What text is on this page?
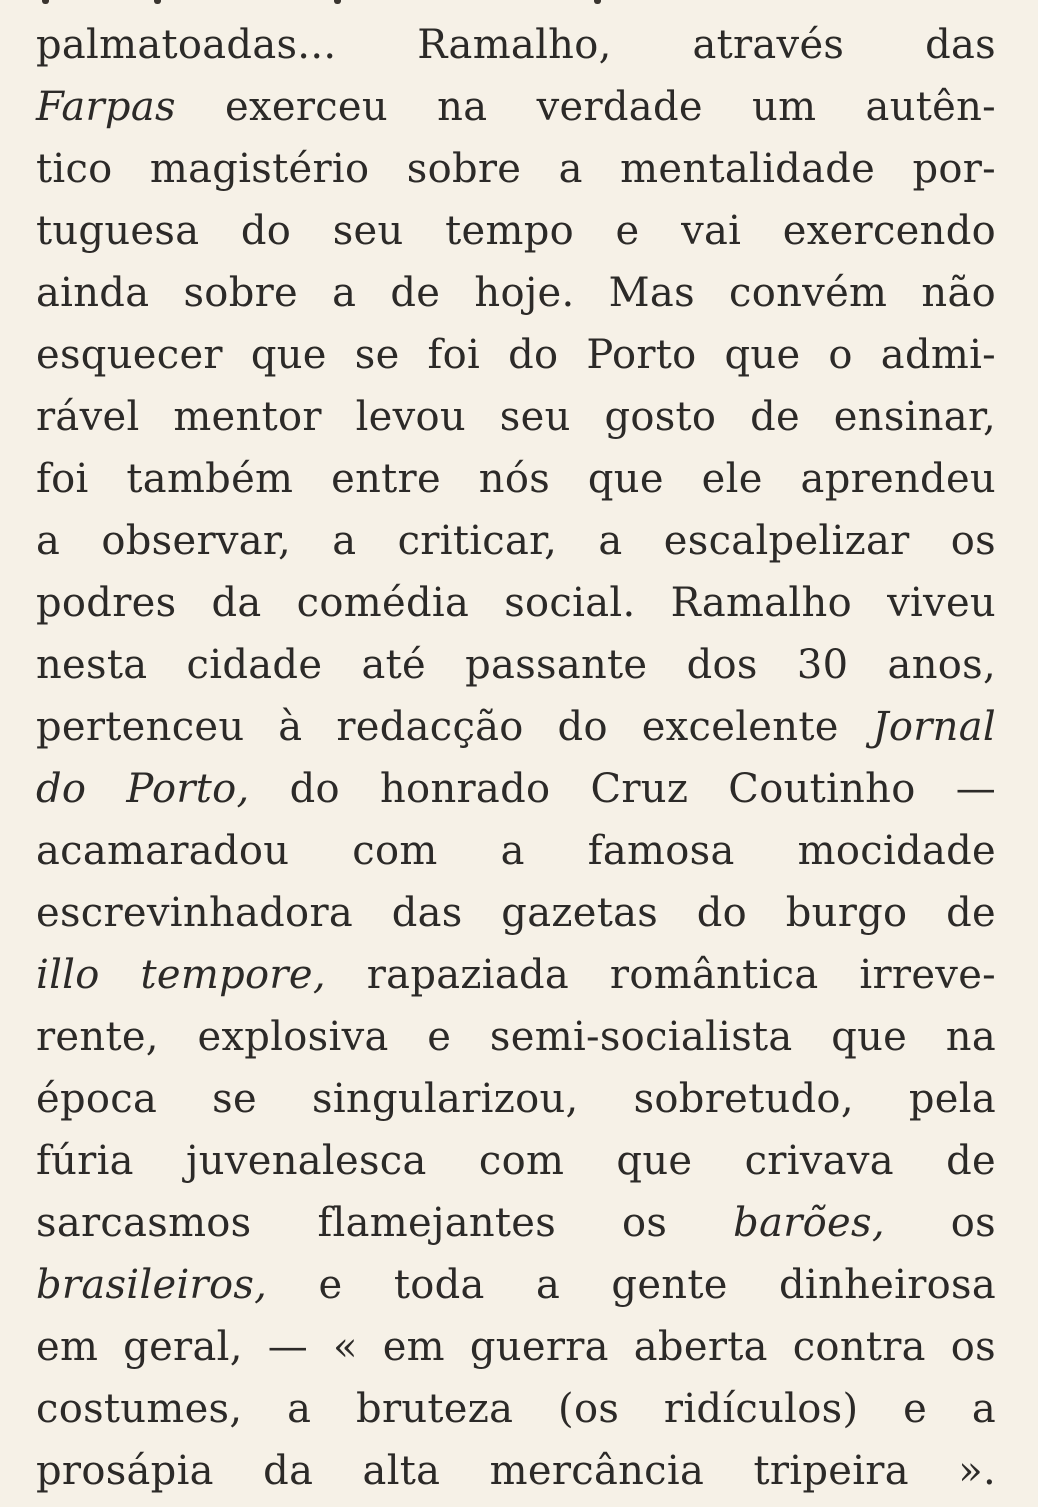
palmatoadas... Ramalho, através das
Farpas exerceu na verdade um autên-
tico magistério sobre a mentalidade por-
tuguesa do seu tempo e vai exercendo
ainda sobre a de hoje. Mas convém não
esquecer que se foi do Porto que o admi-
rável mentor levou seu gosto de ensinar,
foi também entre nós que ele aprendeu
a observar, a criticar, a escalpelizar os
podres da comédia social. Ramalho viveu
nesta cidade até passante dos 30 anos,
pertenceu à redacção do excelente Jornal
do Porto, do honrado Cruz Coutinho —
acamaradou com a famosa mocidade
escrevinhadora das gazetas do burgo de
illo tempore, rapaziada romântica irreve-
rente, explosiva e semi-socialista que na
época se singularizou, sobretudo, pela
fúria juvenalesca com que crivava de
sarcasmos flamejantes os barões, os
brasileiros, e toda a gente dinheirosa
em geral, — « em guerra aberta contra os
costumes, a bruteza (os ridículos) e a
prosápia da alta mercância tripeira ».
